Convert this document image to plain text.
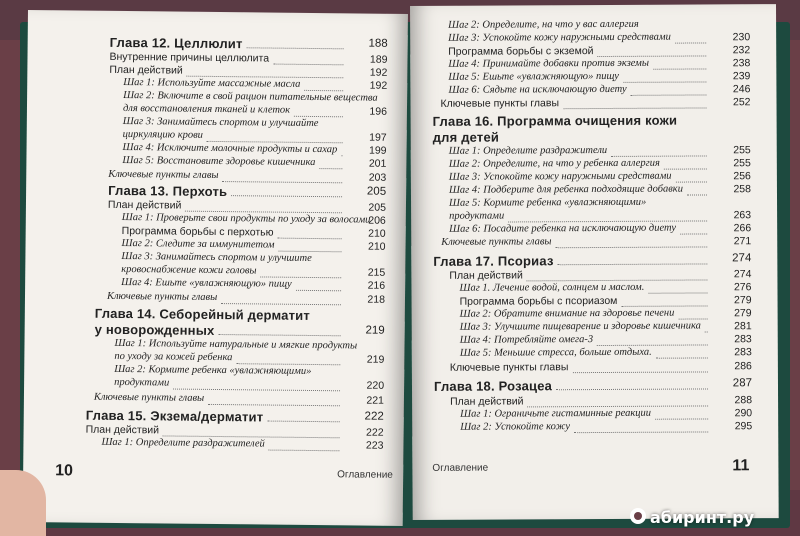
10	Оглавление
Глава 12. Целлюлит	188
Внутренние причины целлюлита	189
План действий	192
Шаг 1: Используйте массажные масла	192
Шаг 2: Включите в свой рацион питательные вещества
для восстановления тканей и клеток	196
Шаг 3: Занимайтесь спортом и улучшайте
циркуляцию крови	197
Шаг 4: Исключите молочные продукты и сахар	199
Шаг 5: Восстановите здоровье кишечника	201
Ключевые пункты главы	203
Глава 13. Перхоть	205
План действий	205
Шаг 1: Проверьте свои продукты по уходу за волосами
206
Программа борьбы с перхотью	210
Шаг 2: Следите за иммунитетом	210
Шаг 3: Занимайтесь спортом и улучшите
кровоснабжение кожи головы	215
Шаг 4: Ешьте «увлажняющую» пищу	216
Ключевые пункты главы	218
Глава 14. Себорейный дерматит
у новорожденных	219
Шаг 1: Используйте натуральные и мягкие продукты
по уходу за кожей ребенка	219
Шаг 2: Кормите ребенка «увлажняющими»
продуктами	220
Ключевые пункты главы	221
Глава 15. Экзема/дерматит	222
План действий	222
Шаг 1: Определите раздражителей	223
Оглавление	11
Шаг 2: Определите, на что у вас аллергия
Шаг 3: Успокойте кожу наружными средствами	230
Программа борьбы с экземой	232
Шаг 4: Принимайте добавки против экземы	238
Шаг 5: Ешьте «увлажняющую» пищу	239
Шаг 6: Сядьте на исключающую диету	246
Ключевые пункты главы	252
Глава 16. Программа очищения кожи
для детей
Шаг 1: Определите раздражители	255
Шаг 2: Определите, на что у ребенка аллергия	255
Шаг 3: Успокойте кожу наружными средствами	256
Шаг 4: Подберите для ребенка подходящие добавки	258
Шаг 5: Кормите ребенка «увлажняющими»
продуктами	263
Шаг 6: Посадите ребенка на исключающую диету	266
Ключевые пункты главы	271
Глава 17. Псориаз	274
План действий	274
Шаг 1. Лечение водой, солнцем и маслом.	276
Программа борьбы с псориазом	279
Шаг 2: Обратите внимание на здоровье печени	279
Шаг 3: Улучшите пищеварение и здоровье кишечника	281
Шаг 4: Потребляйте омега-3	283
Шаг 5: Меньшие стресса, больше отдыха.	283
Ключевые пункты главы	286
Глава 18. Розацеа	287
План действий	288
Шаг 1: Ограничьте гистаминные реакции	290
Шаг 2: Успокойте кожу	295
абиринт.ру
